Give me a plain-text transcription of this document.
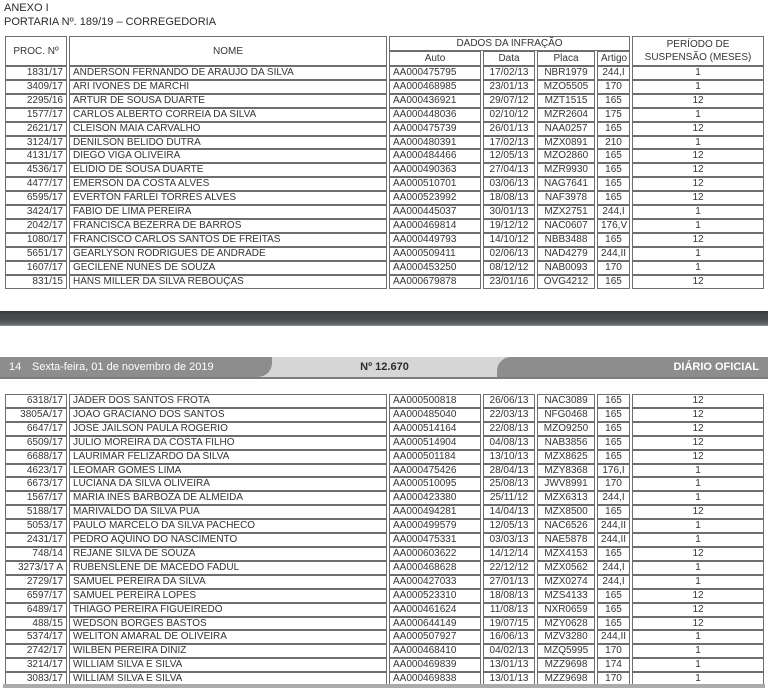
ANEXO I
PORTARIA Nº. 189/19 – CORREGEDORIA
PROC. Nº	NOME	DADOS DA INFRAÇÃO				PERÍODO DE
SUSPENSÃO (MESES)

		Auto	Data	Placa	Artigo	
1831/17	ANDERSON FERNANDO DE ARAUJO DA SILVA	AA000475795	17/02/13	NBR1979	244,I	1
3409/17	ARI IVONES DE MARCHI	AA000468985	23/01/13	MZO5505	170	1
2295/16	ARTUR DE SOUSA DUARTE	AA000436921	29/07/12	MZT1515	165	12
1577/17	CARLOS ALBERTO CORREIA DA SILVA	AA000448036	02/10/12	MZR2604	175	1
2621/17	CLEISON MAIA CARVALHO	AA000475739	26/01/13	NAA0257	165	12
3124/17	DENILSON BELIDO DUTRA	AA000480391	17/02/13	MZX0891	210	1
4131/17	DIEGO VIGA OLIVEIRA	AA000484466	12/05/13	MZO2860	165	12
4536/17	ELIDIO DE SOUSA DUARTE	AA000490363	27/04/13	MZR9930	165	12
4477/17	EMERSON DA COSTA ALVES	AA000510701	03/06/13	NAG7641	165	12
6595/17	EVERTON FARLEI TORRES ALVES	AA000523992	18/08/13	NAF3978	165	12
3424/17	FABIO DE LIMA PEREIRA	AA000445037	30/01/13	MZX2751	244,I	1
2042/17	FRANCISCA BEZERRA DE BARROS	AA000469814	19/12/12	NAC0607	176,V	1
1080/17	FRANCISCO CARLOS SANTOS DE FREITAS	AA000449793	14/10/12	NBB3488	165	12
5651/17	GEARLYSON RODRIGUES DE ANDRADE	AA000509411	02/06/13	NAD4279	244,II	1
1607/17	GECILENE NUNES DE SOUZA	AA000453250	08/12/12	NAB0093	170	1
831/15	HANS MILLER DA SILVA REBOUÇAS	AA000679878	23/01/16	OVG4212	165	12
14 Sexta-feira, 01 de novembro de 2019	Nº 12.670	DIÁRIO OFICIAL
6318/17	JADER DOS SANTOS FROTA	AA000500818	26/06/13	NAC3089	165	12
3805A/17	JOÃO GRACIANO DOS SANTOS	AA000485040	22/03/13	NFG0468	165	12
6647/17	JOSÉ JAILSON PAULA ROGERIO	AA000514164	22/08/13	MZO9250	165	12
6509/17	JULIO MOREIRA DA COSTA FILHO	AA000514904	04/08/13	NAB3856	165	12
6688/17	LAURIMAR FELIZARDO DA SILVA	AA000501184	13/10/13	MZX8625	165	12
4623/17	LEOMAR GOMES LIMA	AA000475426	28/04/13	MZY8368	176,I	1
6673/17	LUCIANA DA SILVA OLIVEIRA	AA000510095	25/08/13	JWV8991	170	1
1567/17	MARIA INÊS BARBOZA DE ALMEIDA	AA000423380	25/11/12	MZX6313	244,I	1
5188/17	MARIVALDO DA SILVA PUA	AA000494281	14/04/13	MZX8500	165	12
5053/17	PAULO MARCELO DA SILVA PACHECO	AA000499579	12/05/13	NAC6526	244,II	1
2431/17	PEDRO AQUINO DO NASCIMENTO	AA000475331	03/03/13	NAE5878	244,II	1
748/14	REJANE SILVA DE SOUZA	AA000603622	14/12/14	MZX4153	165	12
3273/17 A	RUBENSLENE DE MACEDO FADUL	AA000468628	22/12/12	MZX0562	244,I	1
2729/17	SAMUEL PEREIRA DA SILVA	AA000427033	27/01/13	MZX0274	244,I	1
6597/17	SAMUEL PEREIRA LOPES	AA000523310	18/08/13	MZS4133	165	12
6489/17	THIAGO PEREIRA FIGUEIREDO	AA000461624	11/08/13	NXR0659	165	12
488/15	WEDSON BORGES BASTOS	AA000644149	19/07/15	MZY0628	165	12
5374/17	WELITON AMARAL DE OLIVEIRA	AA000507927	16/06/13	MZV3280	244,II	1
2742/17	WILBEN PEREIRA DINIZ	AA000468410	04/02/13	MZQ5995	170	1
3214/17	WILLIAM SILVA E SILVA	AA000469839	13/01/13	MZZ9698	174	1
3083/17	WILLIAM SILVA E SILVA	AA000469838	13/01/13	MZZ9698	170	1
